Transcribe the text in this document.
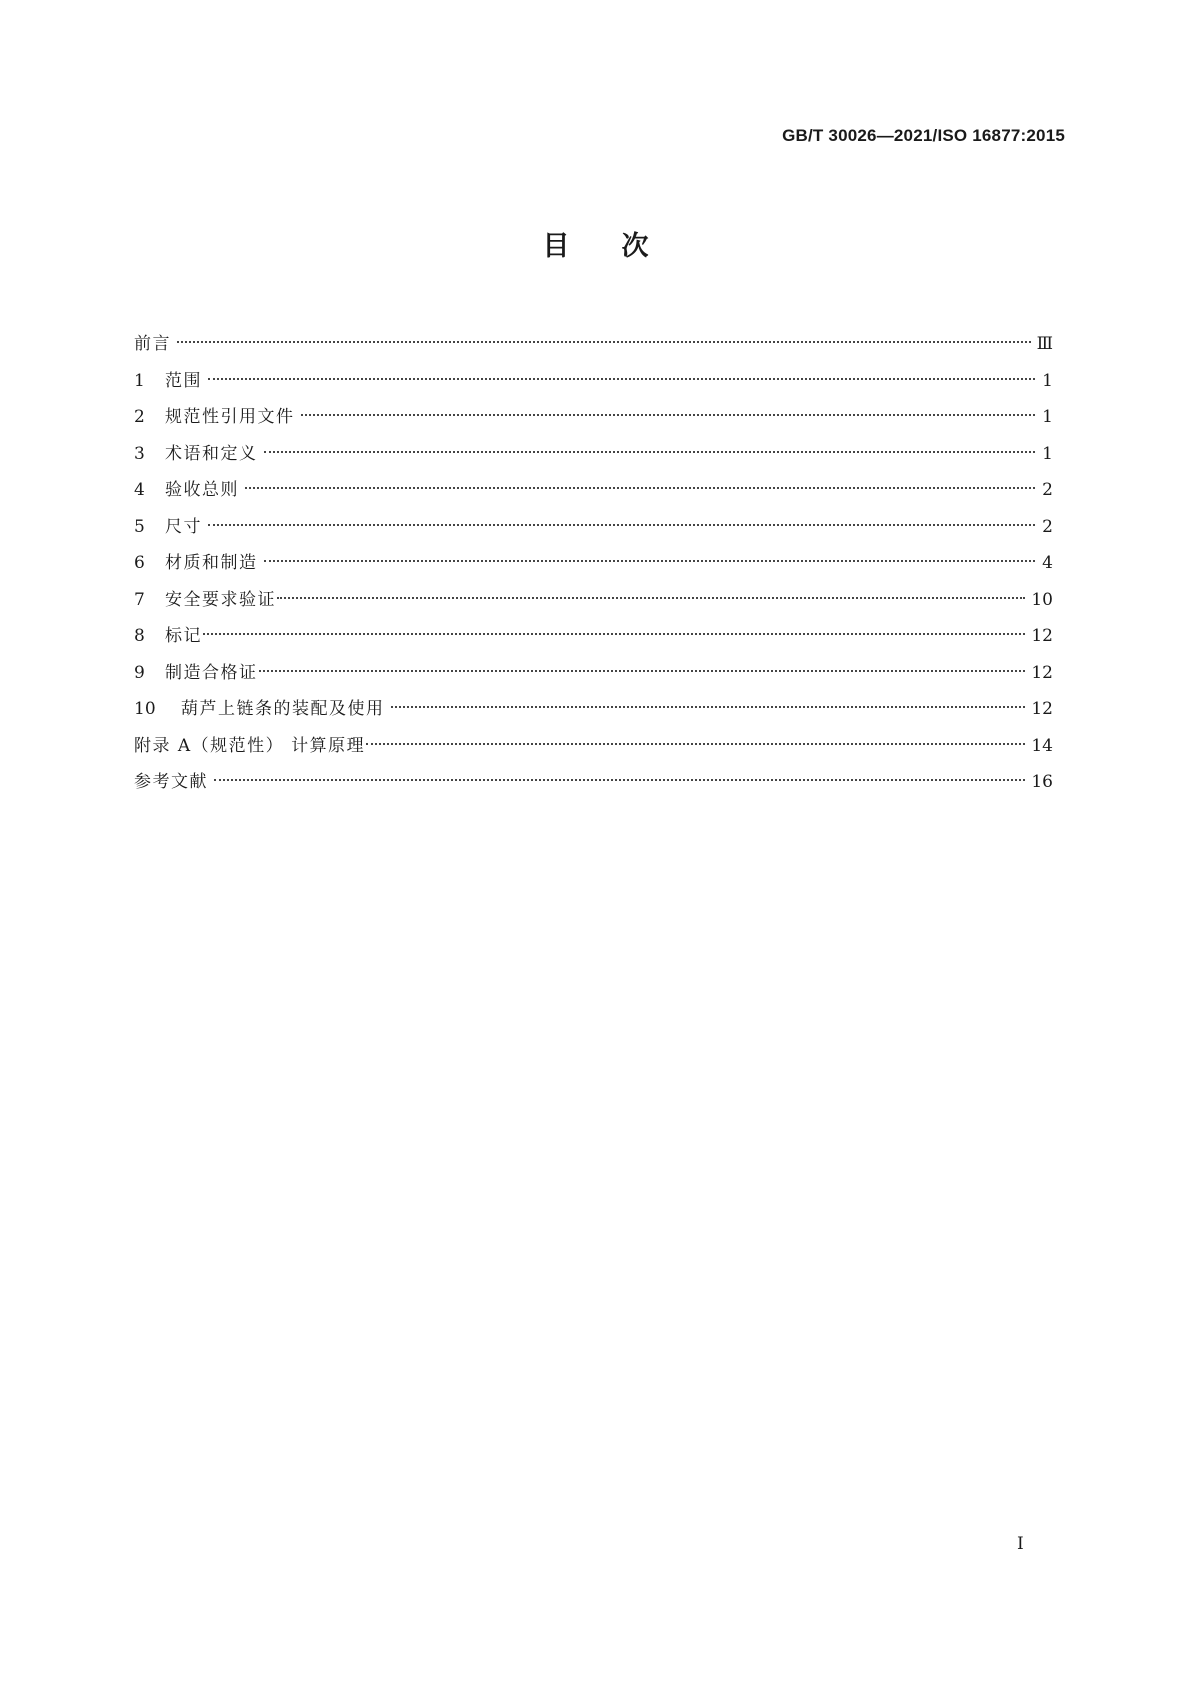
GB/T 30026—2021/ISO 16877:2015
目次
前言	Ⅲ
1 范围	1
2 规范性引用文件	1
3 术语和定义	1
4 验收总则	2
5 尺寸	2
6 材质和制造	4
7 安全要求验证	10
8 标记	12
9 制造合格证	12
10 葫芦上链条的装配及使用	12
附录 A（规范性） 计算原理	14
参考文献	16
I
